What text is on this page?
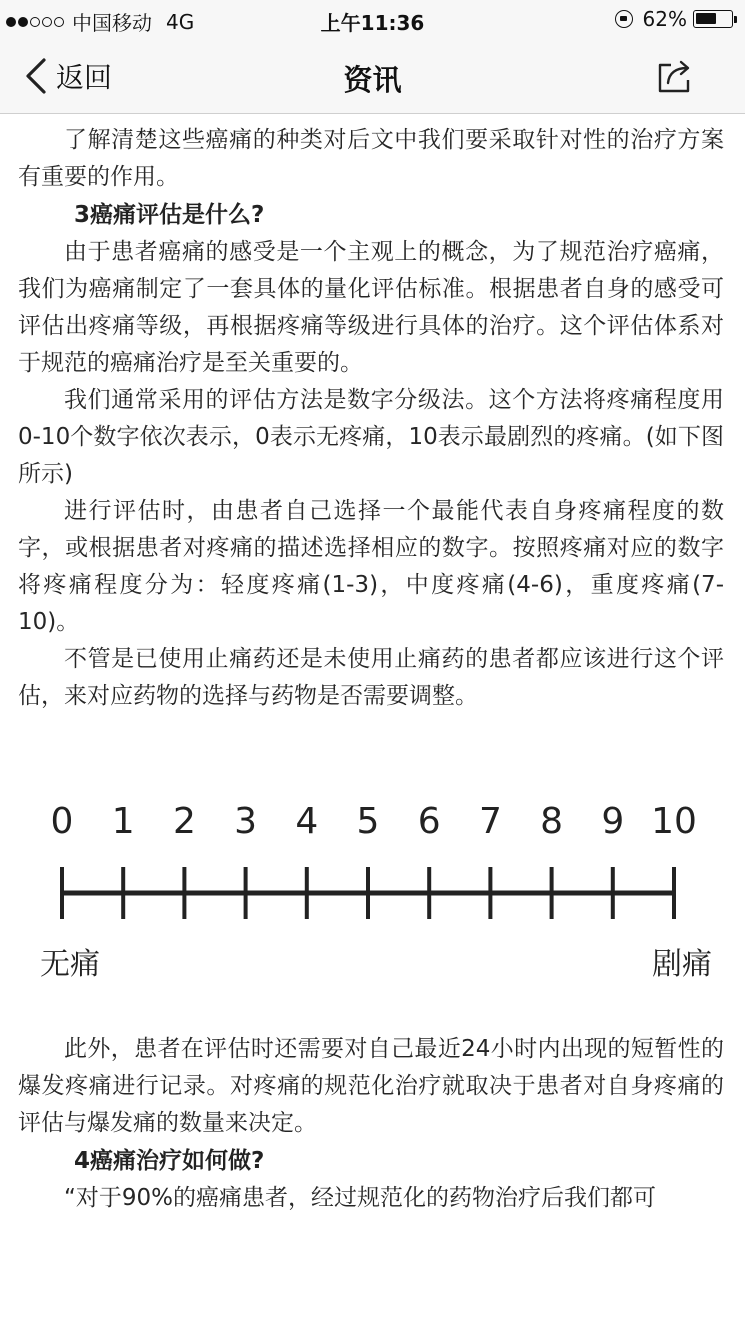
中国移动 4G	上午11:36	62%
返回	资讯

了解清楚这些癌痛的种类对后文中我们要采取针对性的治疗方案有重要的作用。

3癌痛评估是什么?

由于患者癌痛的感受是一个主观上的概念，为了规范治疗癌痛，我们为癌痛制定了一套具体的量化评估标准。根据患者自身的感受可评估出疼痛等级，再根据疼痛等级进行具体的治疗。这个评估体系对于规范的癌痛治疗是至关重要的。

我们通常采用的评估方法是数字分级法。这个方法将疼痛程度用0-10个数字依次表示，0表示无疼痛，10表示最剧烈的疼痛。(如下图所示)

进行评估时，由患者自己选择一个最能代表自身疼痛程度的数字，或根据患者对疼痛的描述选择相应的数字。按照疼痛对应的数字将疼痛程度分为：轻度疼痛(1-3)，中度疼痛(4-6)，重度疼痛(7-10)。

不管是已使用止痛药还是未使用止痛药的患者都应该进行这个评估，来对应药物的选择与药物是否需要调整。

0 1 2 3 4 5 6 7 8 9 10
无痛	剧痛

此外，患者在评估时还需要对自己最近24小时内出现的短暂性的爆发疼痛进行记录。对疼痛的规范化治疗就取决于患者对自身疼痛的评估与爆发痛的数量来决定。

4癌痛治疗如何做?

“对于90%的癌痛患者，经过规范化的药物治疗后我们都可
